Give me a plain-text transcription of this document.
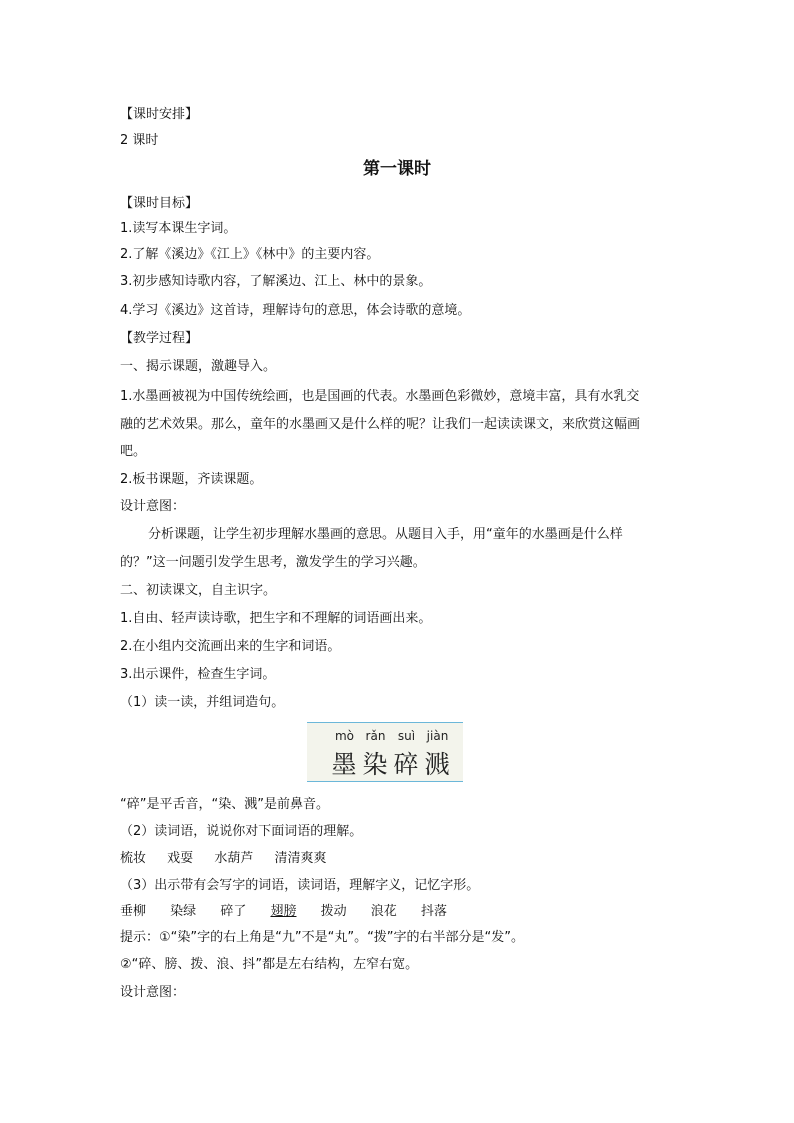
【课时安排】
2 课时
第一课时
【课时目标】
1.读写本课生字词。
2.了解《溪边》《江上》《林中》的主要内容。
3.初步感知诗歌内容，了解溪边、江上、林中的景象。
4.学习《溪边》这首诗，理解诗句的意思，体会诗歌的意境。
【教学过程】
一、揭示课题，激趣导入。
1.水墨画被视为中国传统绘画，也是国画的代表。水墨画色彩微妙，意境丰富，具有水乳交
融的艺术效果。那么，童年的水墨画又是什么样的呢？让我们一起读读课文，来欣赏这幅画
吧。
2.板书课题，齐读课题。
设计意图：
分析课题，让学生初步理解水墨画的意思。从题目入手，用“童年的水墨画是什么样
的？”这一问题引发学生思考，激发学生的学习兴趣。
二、初读课文，自主识字。
1.自由、轻声读诗歌，把生字和不理解的词语画出来。
2.在小组内交流画出来的生字和词语。
3.出示课件，检查生字词。
（1）读一读，并组词造句。
mò rǎn	suì jiàn
墨 染 碎 溅
“碎”是平舌音，“染、溅”是前鼻音。
（2）读词语，说说你对下面词语的理解。
梳妆 戏耍 水葫芦 清清爽爽
（3）出示带有会写字的词语，读词语，理解字义，记忆字形。
垂柳 染绿 碎了 翅膀 拨动 浪花 抖落
提示：①“染”字的右上角是“九”不是“丸”。“拨”字的右半部分是“发”。
②“碎、膀、拨、浪、抖”都是左右结构，左窄右宽。
设计意图：
